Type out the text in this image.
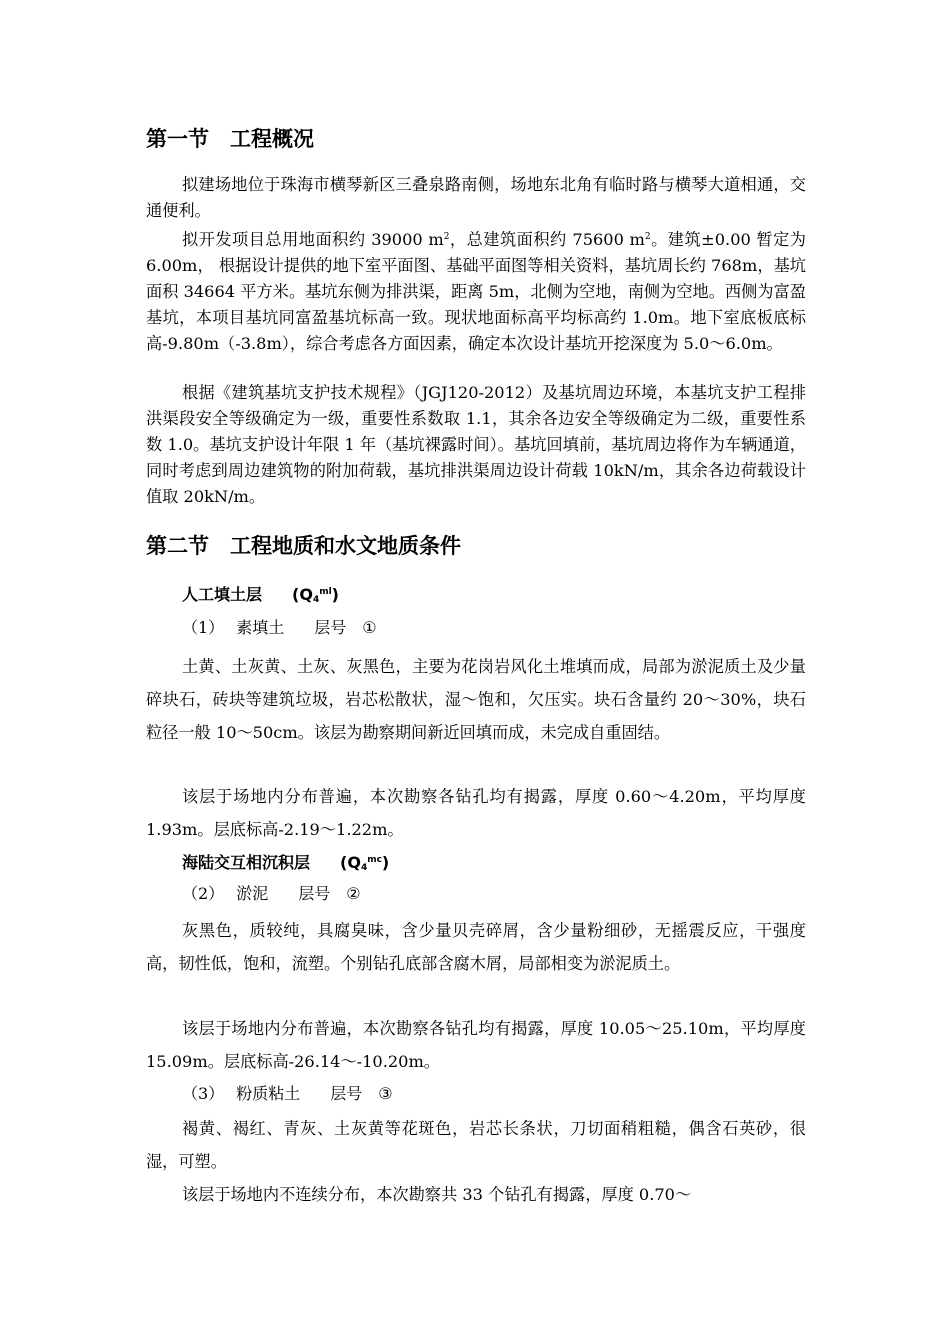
第一节　工程概况
拟建场地位于珠海市横琴新区三叠泉路南侧，场地东北角有临时路与横琴大道相通，交通便利。
拟开发项目总用地面积约 39000 $m^2$，总建筑面积约 75600 $m^2$。建筑±0.00 暂定为6.00m， 根据设计提供的地下室平面图、基础平面图等相关资料，基坑周长约 768m，基坑面积 34664 平方米。基坑东侧为排洪渠，距离 5m，北侧为空地，南侧为空地。西侧为富盈基坑，本项目基坑同富盈基坑标高一致。现状地面标高平均标高约 1.0m。地下室底板底标高-9.80m（-3.8m），综合考虑各方面因素，确定本次设计基坑开挖深度为 5.0～6.0m。
根据《建筑基坑支护技术规程》（JGJ120-2012）及基坑周边环境，本基坑支护工程排洪渠段安全等级确定为一级，重要性系数取 1.1，其余各边安全等级确定为二级，重要性系数 1.0。基坑支护设计年限 1 年（基坑裸露时间）。基坑回填前，基坑周边将作为车辆通道，同时考虑到周边建筑物的附加荷载，基坑排洪渠周边设计荷载 10kN/m，其余各边荷载设计值取 20kN/m。
第二节　工程地质和水文地质条件
人工填土层 $(Q_4^{ml})$
（1） 素填土 层号 ①
土黄、土灰黄、土灰、灰黑色，主要为花岗岩风化土堆填而成，局部为淤泥质土及少量碎块石，砖块等建筑垃圾，岩芯松散状，湿～饱和，欠压实。块石含量约 20～30%，块石粒径一般 10～50cm。该层为勘察期间新近回填而成，未完成自重固结。
该层于场地内分布普遍，本次勘察各钻孔均有揭露，厚度 0.60～4.20m，平均厚度 1.93m。层底标高-2.19～1.22m。
海陆交互相沉积层 $(Q_4^{mc})$
（2） 淤泥 层号 ②
灰黑色，质较纯，具腐臭味，含少量贝壳碎屑，含少量粉细砂，无摇震反应，干强度高，韧性低，饱和，流塑。个别钻孔底部含腐木屑，局部相变为淤泥质土。
该层于场地内分布普遍，本次勘察各钻孔均有揭露，厚度 10.05～25.10m，平均厚度 15.09m。层底标高-26.14～-10.20m。
（3） 粉质粘土 层号 ③
褐黄、褐红、青灰、土灰黄等花斑色，岩芯长条状，刀切面稍粗糙，偶含石英砂，很湿，可塑。
该层于场地内不连续分布，本次勘察共 33 个钻孔有揭露，厚度 0.70～
